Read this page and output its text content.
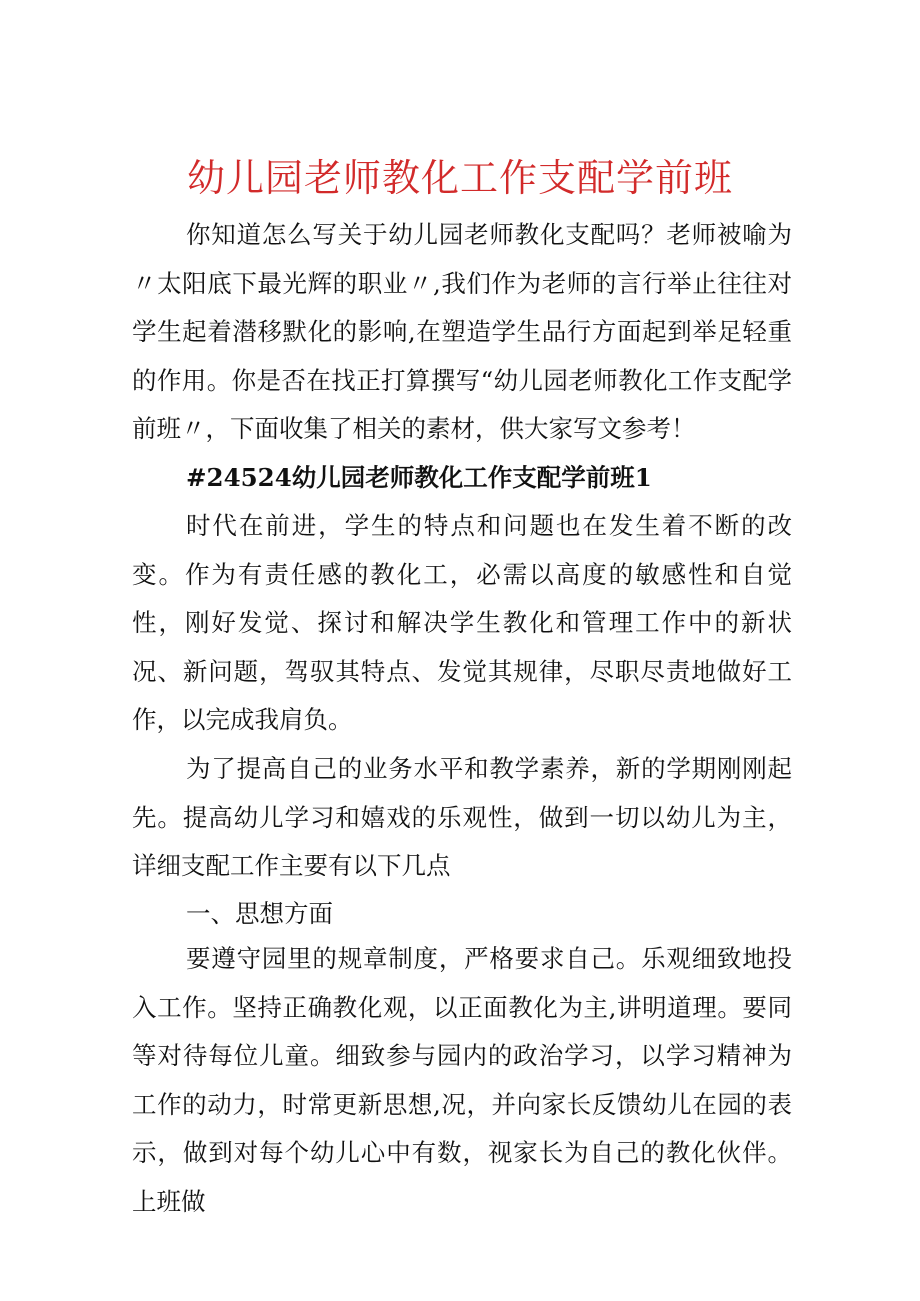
幼儿园老师教化工作支配学前班

你知道怎么写关于幼儿园老师教化支配吗？老师被喻为〃太阳底下最光辉的职业〃,我们作为老师的言行举止往往对学生起着潜移默化的影响,在塑造学生品行方面起到举足轻重的作用。你是否在找正打算撰写“幼儿园老师教化工作支配学前班〃，下面收集了相关的素材，供大家写文参考！

#24524幼儿园老师教化工作支配学前班1

时代在前进，学生的特点和问题也在发生着不断的改变。作为有责任感的教化工，必需以高度的敏感性和自觉性，刚好发觉、探讨和解决学生教化和管理工作中的新状况、新问题，驾驭其特点、发觉其规律，尽职尽责地做好工作，以完成我肩负。

为了提高自己的业务水平和教学素养，新的学期刚刚起先。提高幼儿学习和嬉戏的乐观性，做到一切以幼儿为主，详细支配工作主要有以下几点

一、思想方面

要遵守园里的规章制度，严格要求自己。乐观细致地投入工作。坚持正确教化观，以正面教化为主,讲明道理。要同等对待每位儿童。细致参与园内的政治学习，以学习精神为工作的动力，时常更新思想,况，并向家长反馈幼儿在园的表示，做到对每个幼儿心中有数，视家长为自己的教化伙伴。上班做
